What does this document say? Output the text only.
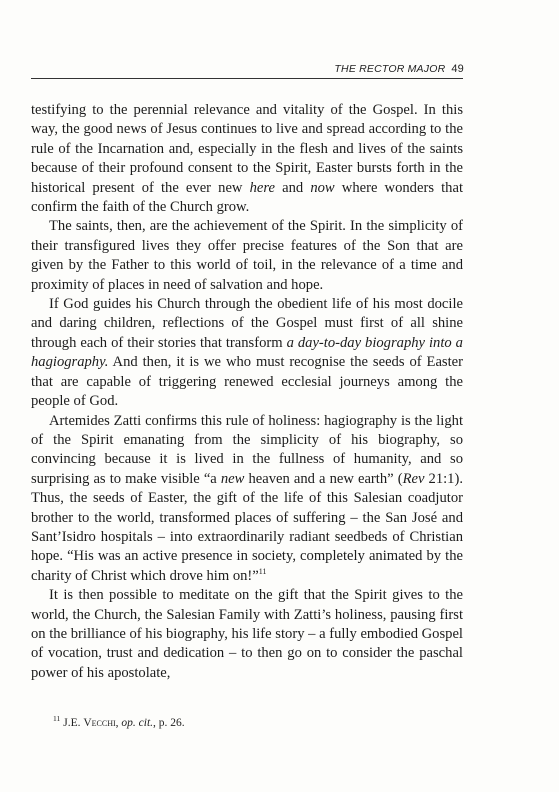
THE RECTOR MAJOR 49

testifying to the perennial relevance and vitality of the Gospel. In this way, the good news of Jesus continues to live and spread according to the rule of the Incarnation and, especially in the flesh and lives of the saints because of their profound consent to the Spirit, Easter bursts forth in the historical present of the ever new here and now where wonders that confirm the faith of the Church grow.

The saints, then, are the achievement of the Spirit. In the simplicity of their transfigured lives they offer precise features of the Son that are given by the Father to this world of toil, in the relevance of a time and proximity of places in need of salvation and hope.

If God guides his Church through the obedient life of his most docile and daring children, reflections of the Gospel must first of all shine through each of their stories that transform a day-to-day biography into a hagiography. And then, it is we who must recognise the seeds of Easter that are capable of triggering renewed ecclesial journeys among the people of God.

Artemides Zatti confirms this rule of holiness: hagiography is the light of the Spirit emanating from the simplicity of his biography, so convincing because it is lived in the fullness of humanity, and so surprising as to make visible “a new heaven and a new earth” (Rev 21:1). Thus, the seeds of Easter, the gift of the life of this Salesian coadjutor brother to the world, transformed places of suffering – the San José and Sant’Isidro hospitals – into extraordinarily radiant seedbeds of Christian hope. “His was an active presence in society, completely animated by the charity of Christ which drove him on!”$^{11}$

It is then possible to meditate on the gift that the Spirit gives to the world, the Church, the Salesian Family with Zatti’s holiness, pausing first on the brilliance of his biography, his life story – a fully embodied Gospel of vocation, trust and dedication – to then go on to consider the paschal power of his apostolate,

$^{11}$ J.E. Vecchi, op. cit., p. 26.
